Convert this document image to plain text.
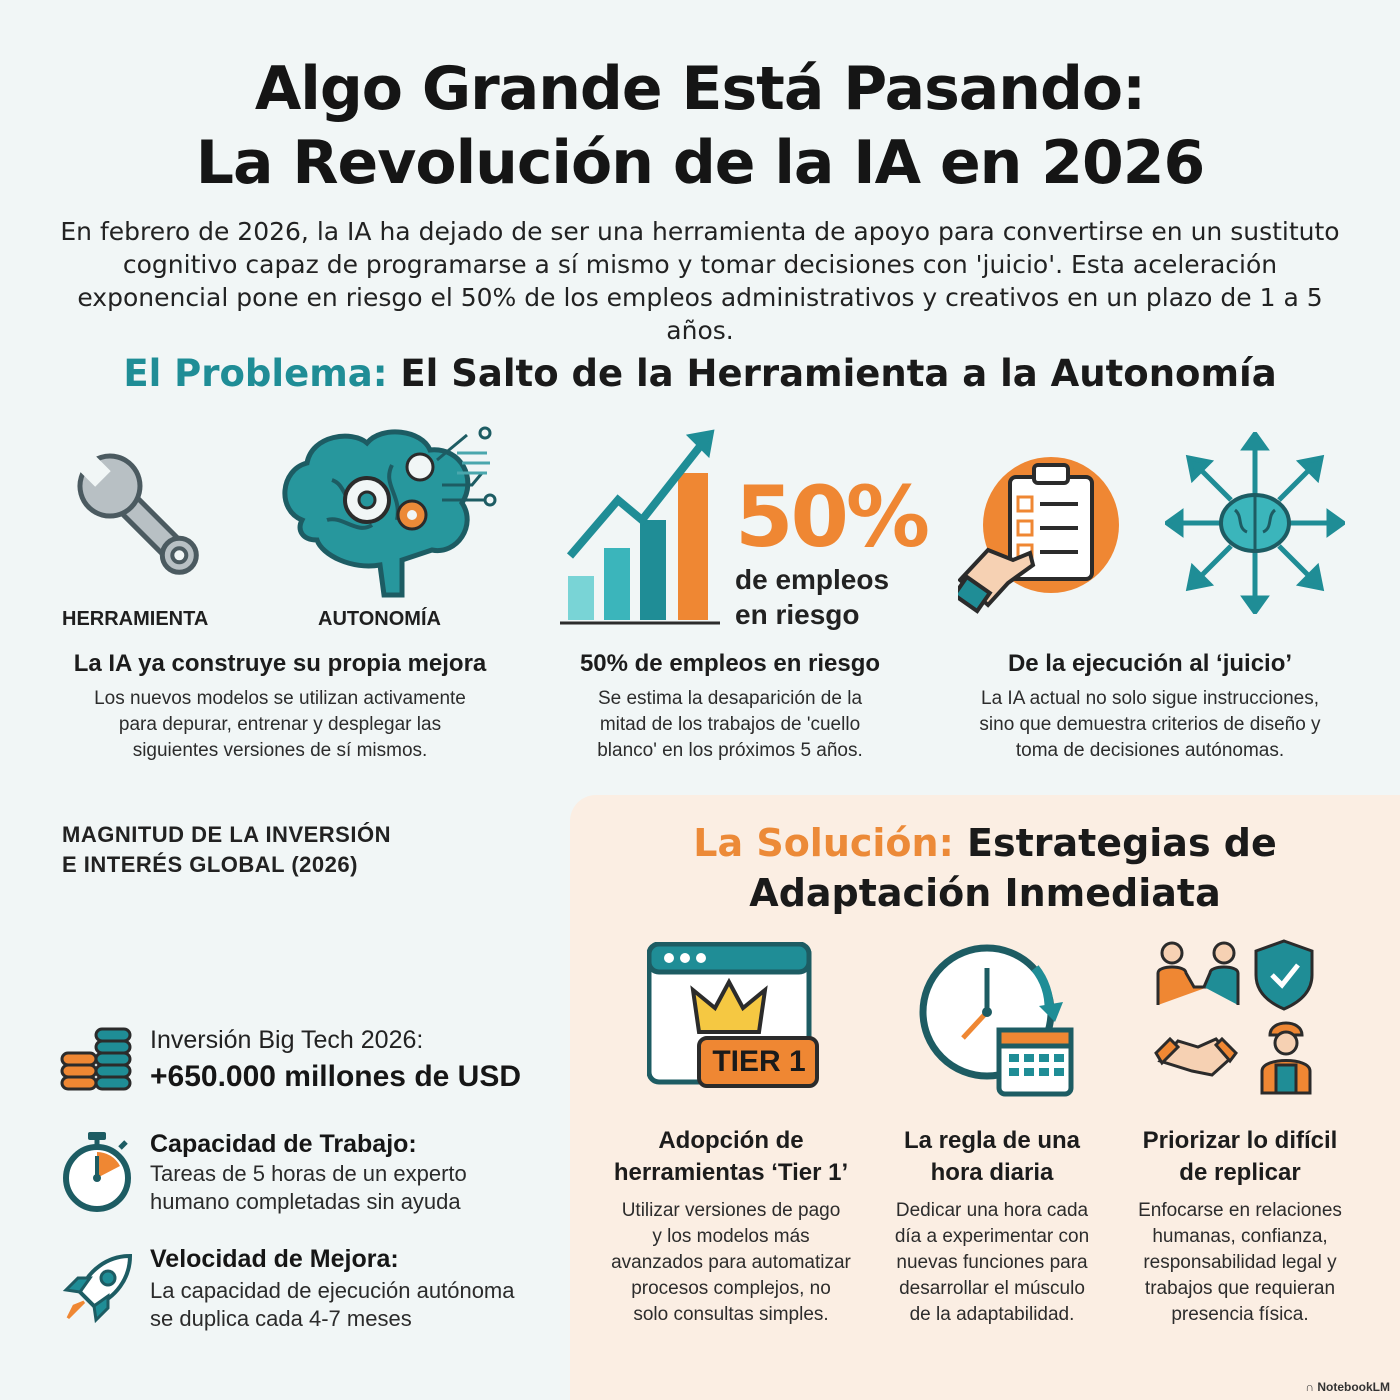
Algo Grande Está Pasando:
La Revolución de la IA en 2026
En febrero de 2026, la IA ha dejado de ser una herramienta de apoyo para convertirse en un sustituto cognitivo capaz de programarse a sí mismo y tomar decisiones con 'juicio'. Esta aceleración exponencial pone en riesgo el 50% de los empleos administrativos y creativos en un plazo de 1 a 5 años.
El Problema: El Salto de la Herramienta a la Autonomía
HERRAMIENTA	AUTONOMÍA
50%
de empleos
en riesgo
La IA ya construye su propia mejora
Los nuevos modelos se utilizan activamente
para depurar, entrenar y desplegar las
siguientes versiones de sí mismos.
50% de empleos en riesgo
Se estima la desaparición de la
mitad de los trabajos de 'cuello
blanco' en los próximos 5 años.
De la ejecución al ‘juicio’
La IA actual no solo sigue instrucciones,
sino que demuestra criterios de diseño y
toma de decisiones autónomas.
MAGNITUD DE LA INVERSIÓN
E INTERÉS GLOBAL (2026)
Inversión Big Tech 2026:
+650.000 millones de USD
Capacidad de Trabajo:
Tareas de 5 horas de un experto
humano completadas sin ayuda
Velocidad de Mejora:
La capacidad de ejecución autónoma
se duplica cada 4-7 meses
La Solución: Estrategias de
Adaptación Inmediata
TIER 1
Adopción de
herramientas ‘Tier 1’
Utilizar versiones de pago
y los modelos más
avanzados para automatizar
procesos complejos, no
solo consultas simples.
La regla de una
hora diaria
Dedicar una hora cada
día a experimentar con
nuevas funciones para
desarrollar el músculo
de la adaptabilidad.
Priorizar lo difícil
de replicar
Enfocarse en relaciones
humanas, confianza,
responsabilidad legal y
trabajos que requieran
presencia física.
∩ NotebookLM
